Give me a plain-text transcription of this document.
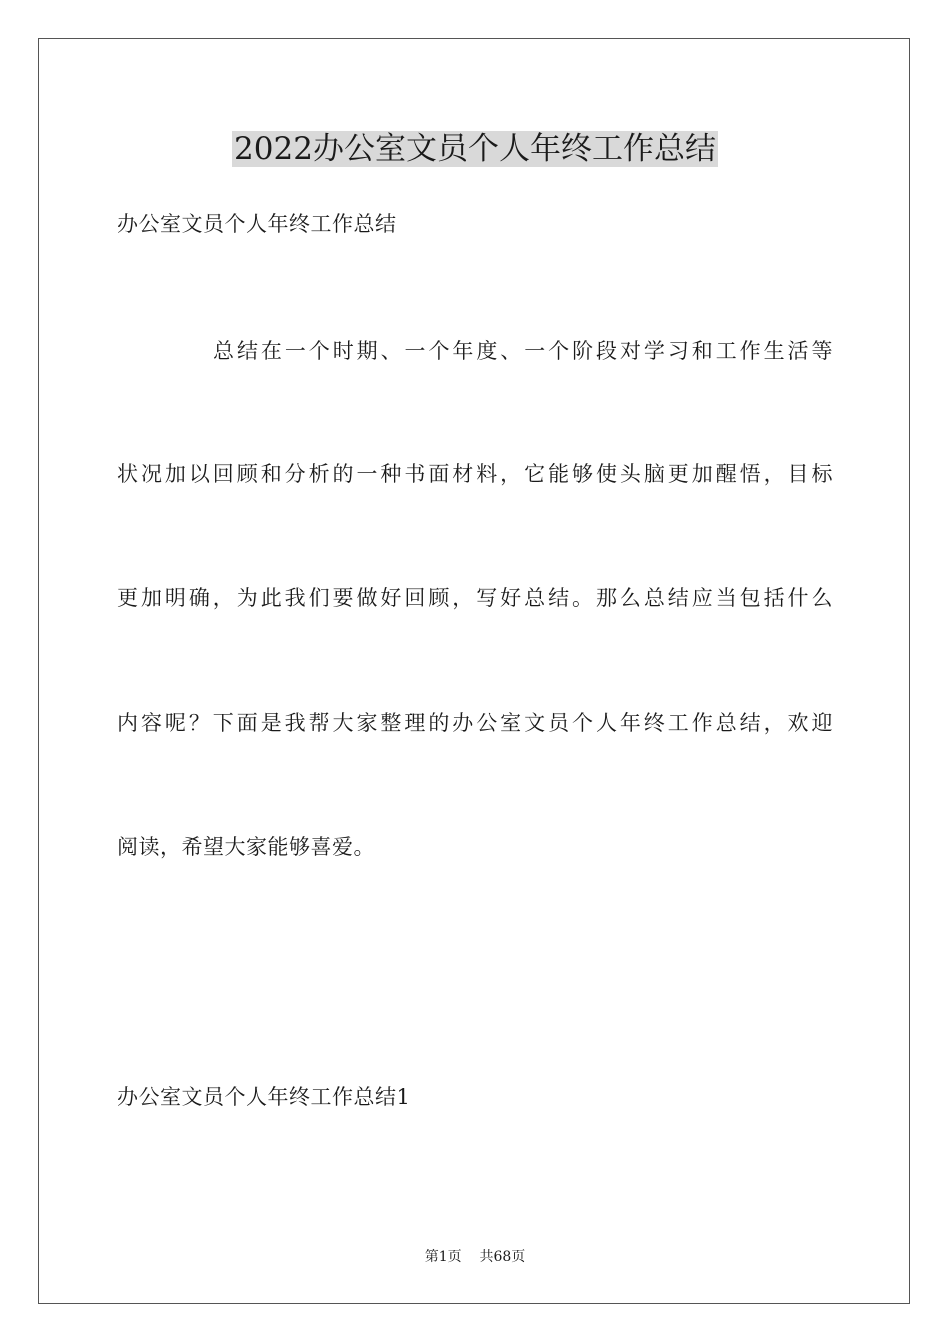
2022办公室文员个人年终工作总结
办公室文员个人年终工作总结
总结在一个时期、一个年度、一个阶段对学习和工作生活等
状况加以回顾和分析的一种书面材料，它能够使头脑更加醒悟，目标
更加明确，为此我们要做好回顾，写好总结。那么总结应当包括什么
内容呢？下面是我帮大家整理的办公室文员个人年终工作总结，欢迎
阅读，希望大家能够喜爱。
办公室文员个人年终工作总结1
第1页    共68页
